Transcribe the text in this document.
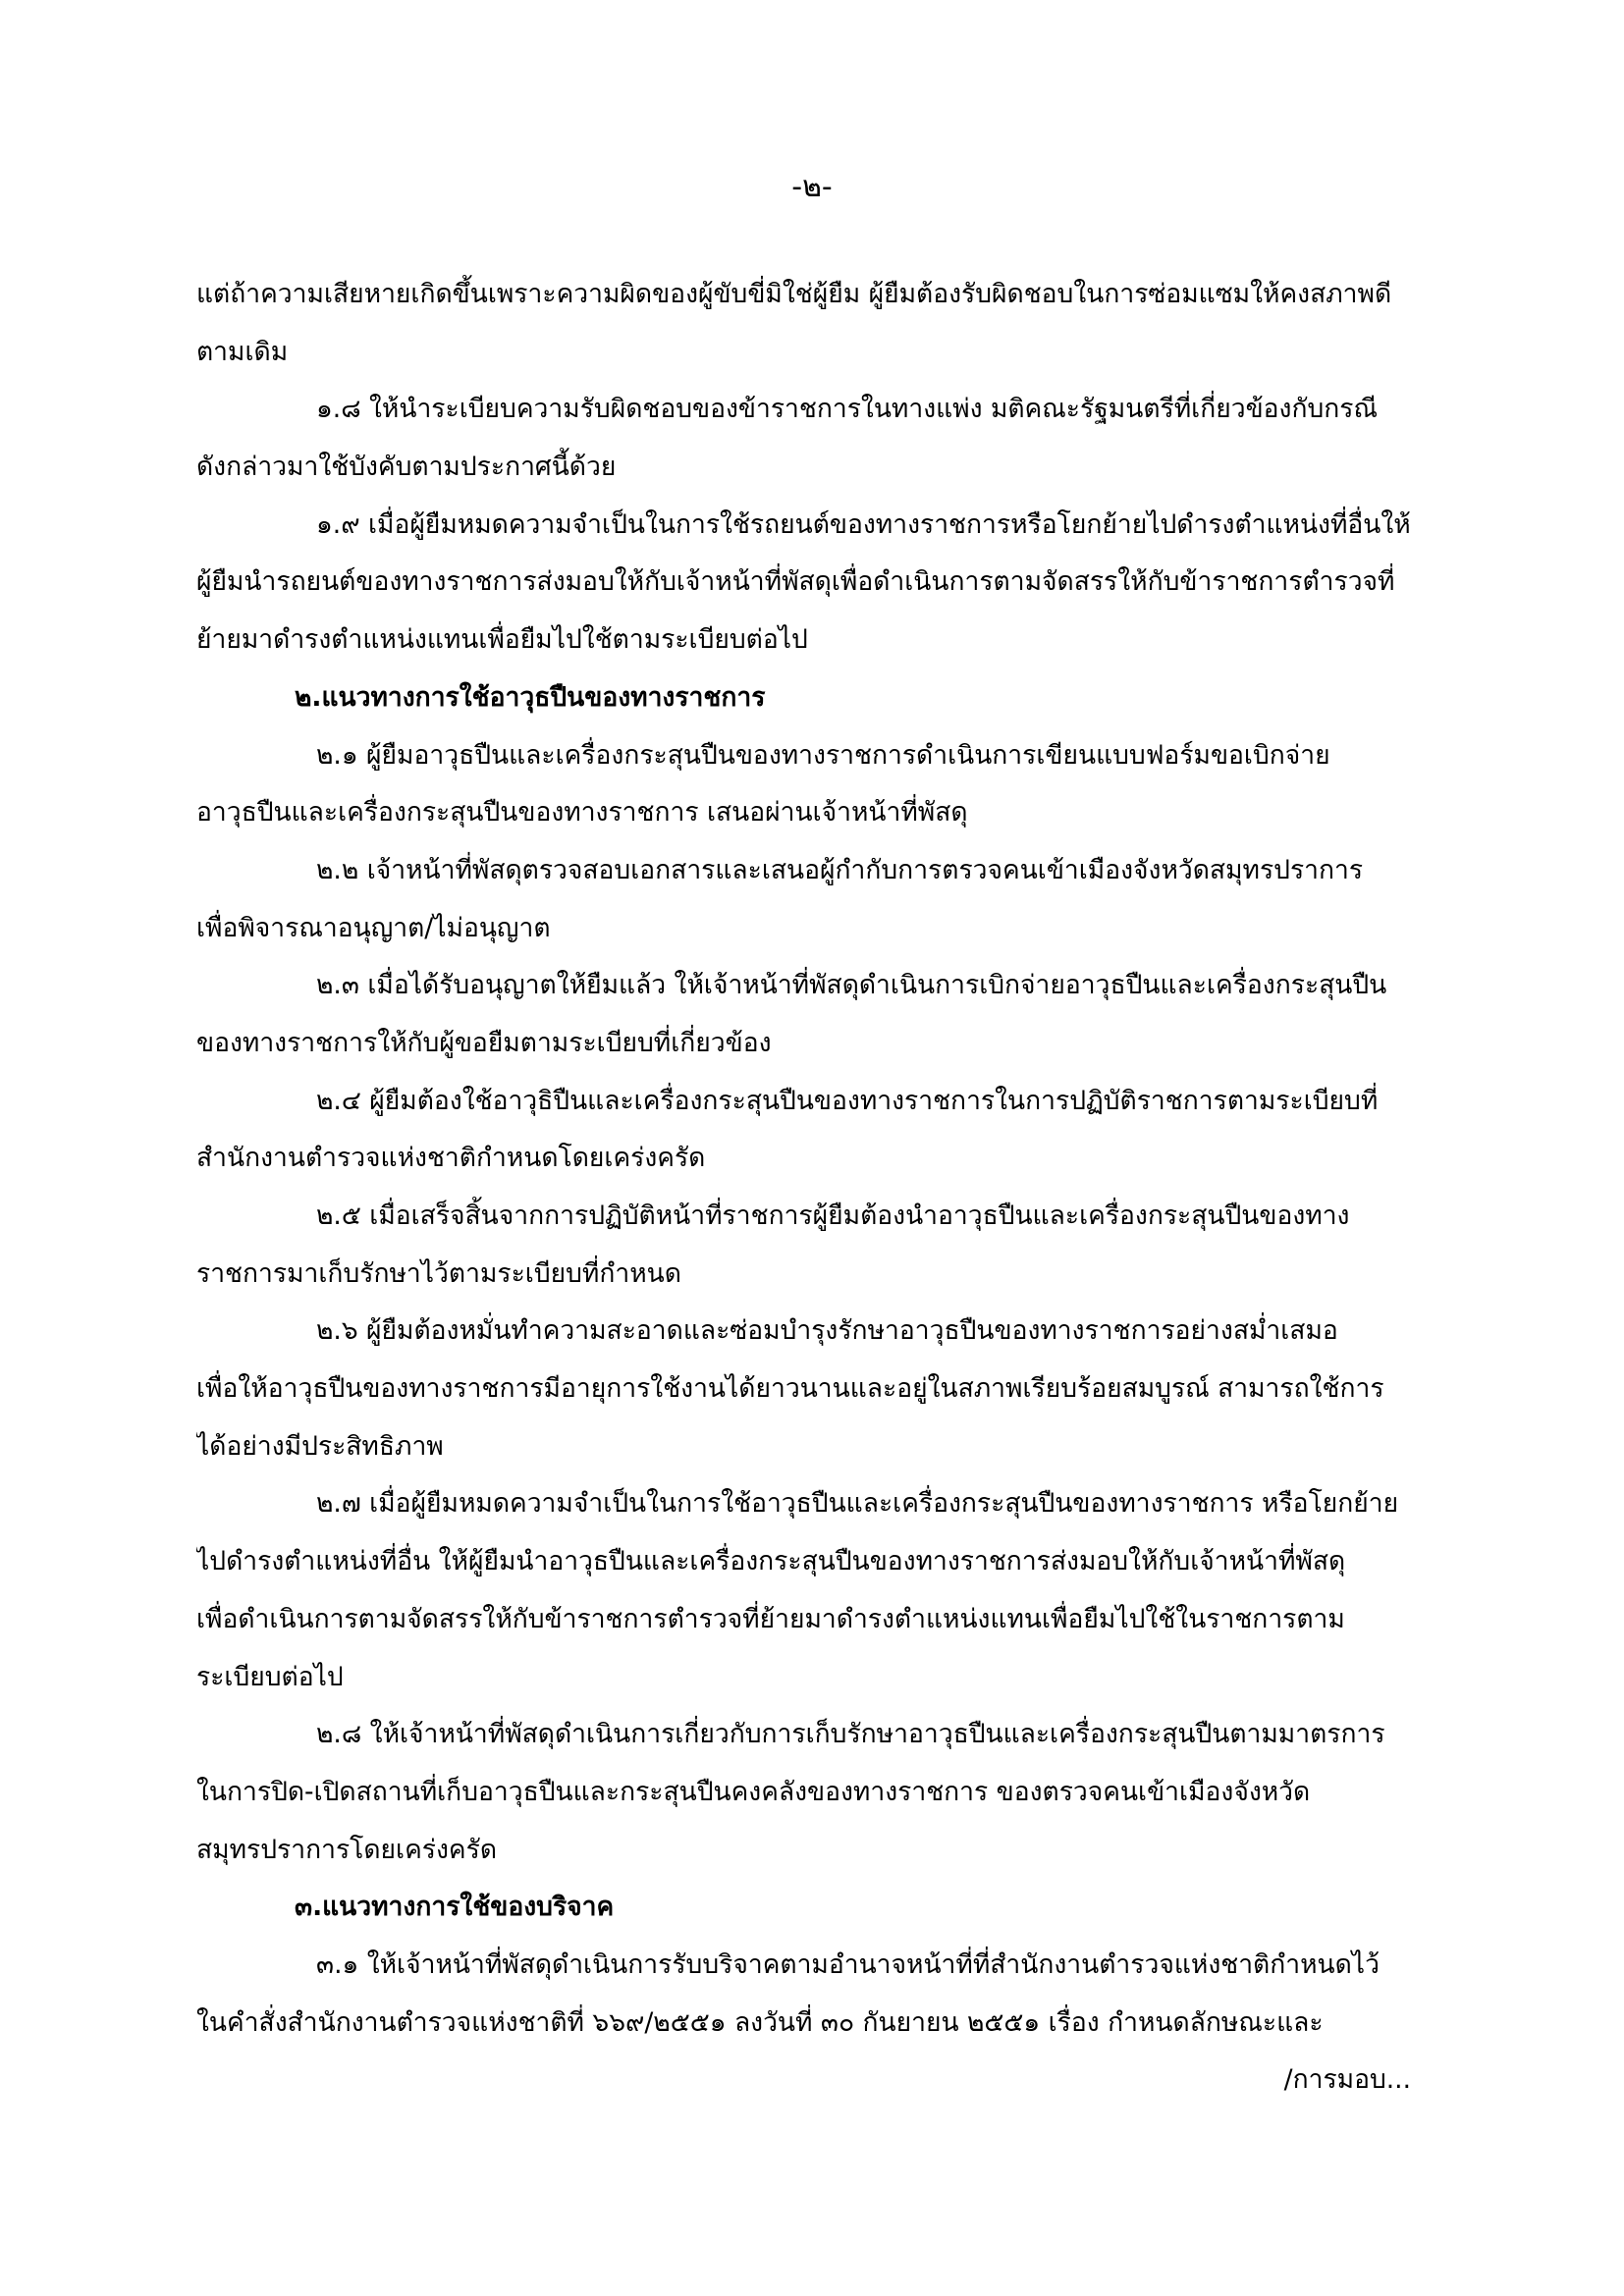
-๒-
แต่ถ้าความเสียหายเกิดขึ้นเพราะความผิดของผู้ขับขี่มิใช่ผู้ยืม ผู้ยืมต้องรับผิดชอบในการซ่อมแซมให้คงสภาพดี
ตามเดิม
๑.๘ ให้นำระเบียบความรับผิดชอบของข้าราชการในทางแพ่ง มติคณะรัฐมนตรีที่เกี่ยวข้องกับกรณี
ดังกล่าวมาใช้บังคับตามประกาศนี้ด้วย
๑.๙ เมื่อผู้ยืมหมดความจำเป็นในการใช้รถยนต์ของทางราชการหรือโยกย้ายไปดำรงตำแหน่งที่อื่นให้
ผู้ยืมนำรถยนต์ของทางราชการส่งมอบให้กับเจ้าหน้าที่พัสดุเพื่อดำเนินการตามจัดสรรให้กับข้าราชการตำรวจที่
ย้ายมาดำรงตำแหน่งแทนเพื่อยืมไปใช้ตามระเบียบต่อไป
๒.แนวทางการใช้อาวุธปืนของทางราชการ
๒.๑ ผู้ยืมอาวุธปืนและเครื่องกระสุนปืนของทางราชการดำเนินการเขียนแบบฟอร์มขอเบิกจ่าย
อาวุธปืนและเครื่องกระสุนปืนของทางราชการ เสนอผ่านเจ้าหน้าที่พัสดุ
๒.๒ เจ้าหน้าที่พัสดุตรวจสอบเอกสารและเสนอผู้กำกับการตรวจคนเข้าเมืองจังหวัดสมุทรปราการ
เพื่อพิจารณาอนุญาต/ไม่อนุญาต
๒.๓ เมื่อได้รับอนุญาตให้ยืมแล้ว ให้เจ้าหน้าที่พัสดุดำเนินการเบิกจ่ายอาวุธปืนและเครื่องกระสุนปืน
ของทางราชการให้กับผู้ขอยืมตามระเบียบที่เกี่ยวข้อง
๒.๔ ผู้ยืมต้องใช้อาวุธิปืนและเครื่องกระสุนปืนของทางราชการในการปฏิบัติราชการตามระเบียบที่
สำนักงานตำรวจแห่งชาติกำหนดโดยเคร่งครัด
๒.๕ เมื่อเสร็จสิ้นจากการปฏิบัติหน้าที่ราชการผู้ยืมต้องนำอาวุธปืนและเครื่องกระสุนปืนของทาง
ราชการมาเก็บรักษาไว้ตามระเบียบที่กำหนด
๒.๖ ผู้ยืมต้องหมั่นทำความสะอาดและซ่อมบำรุงรักษาอาวุธปืนของทางราชการอย่างสม่ำเสมอ
เพื่อให้อาวุธปืนของทางราชการมีอายุการใช้งานได้ยาวนานและอยู่ในสภาพเรียบร้อยสมบูรณ์ สามารถใช้การ
ได้อย่างมีประสิทธิภาพ
๒.๗ เมื่อผู้ยืมหมดความจำเป็นในการใช้อาวุธปืนและเครื่องกระสุนปืนของทางราชการ หรือโยกย้าย
ไปดำรงตำแหน่งที่อื่น ให้ผู้ยืมนำอาวุธปืนและเครื่องกระสุนปืนของทางราชการส่งมอบให้กับเจ้าหน้าที่พัสดุ
เพื่อดำเนินการตามจัดสรรให้กับข้าราชการตำรวจที่ย้ายมาดำรงตำแหน่งแทนเพื่อยืมไปใช้ในราชการตาม
ระเบียบต่อไป
๒.๘ ให้เจ้าหน้าที่พัสดุดำเนินการเกี่ยวกับการเก็บรักษาอาวุธปืนและเครื่องกระสุนปืนตามมาตรการ
ในการปิด-เปิดสถานที่เก็บอาวุธปืนและกระสุนปืนคงคลังของทางราชการ ของตรวจคนเข้าเมืองจังหวัด
สมุทรปราการโดยเคร่งครัด
๓.แนวทางการใช้ของบริจาค
๓.๑ ให้เจ้าหน้าที่พัสดุดำเนินการรับบริจาคตามอำนาจหน้าที่ที่สำนักงานตำรวจแห่งชาติกำหนดไว้
ในคำสั่งสำนักงานตำรวจแห่งชาติที่ ๖๖๙/๒๕๕๑ ลงวันที่ ๓๐ กันยายน ๒๕๕๑ เรื่อง กำหนดลักษณะและ
/การมอบ...
